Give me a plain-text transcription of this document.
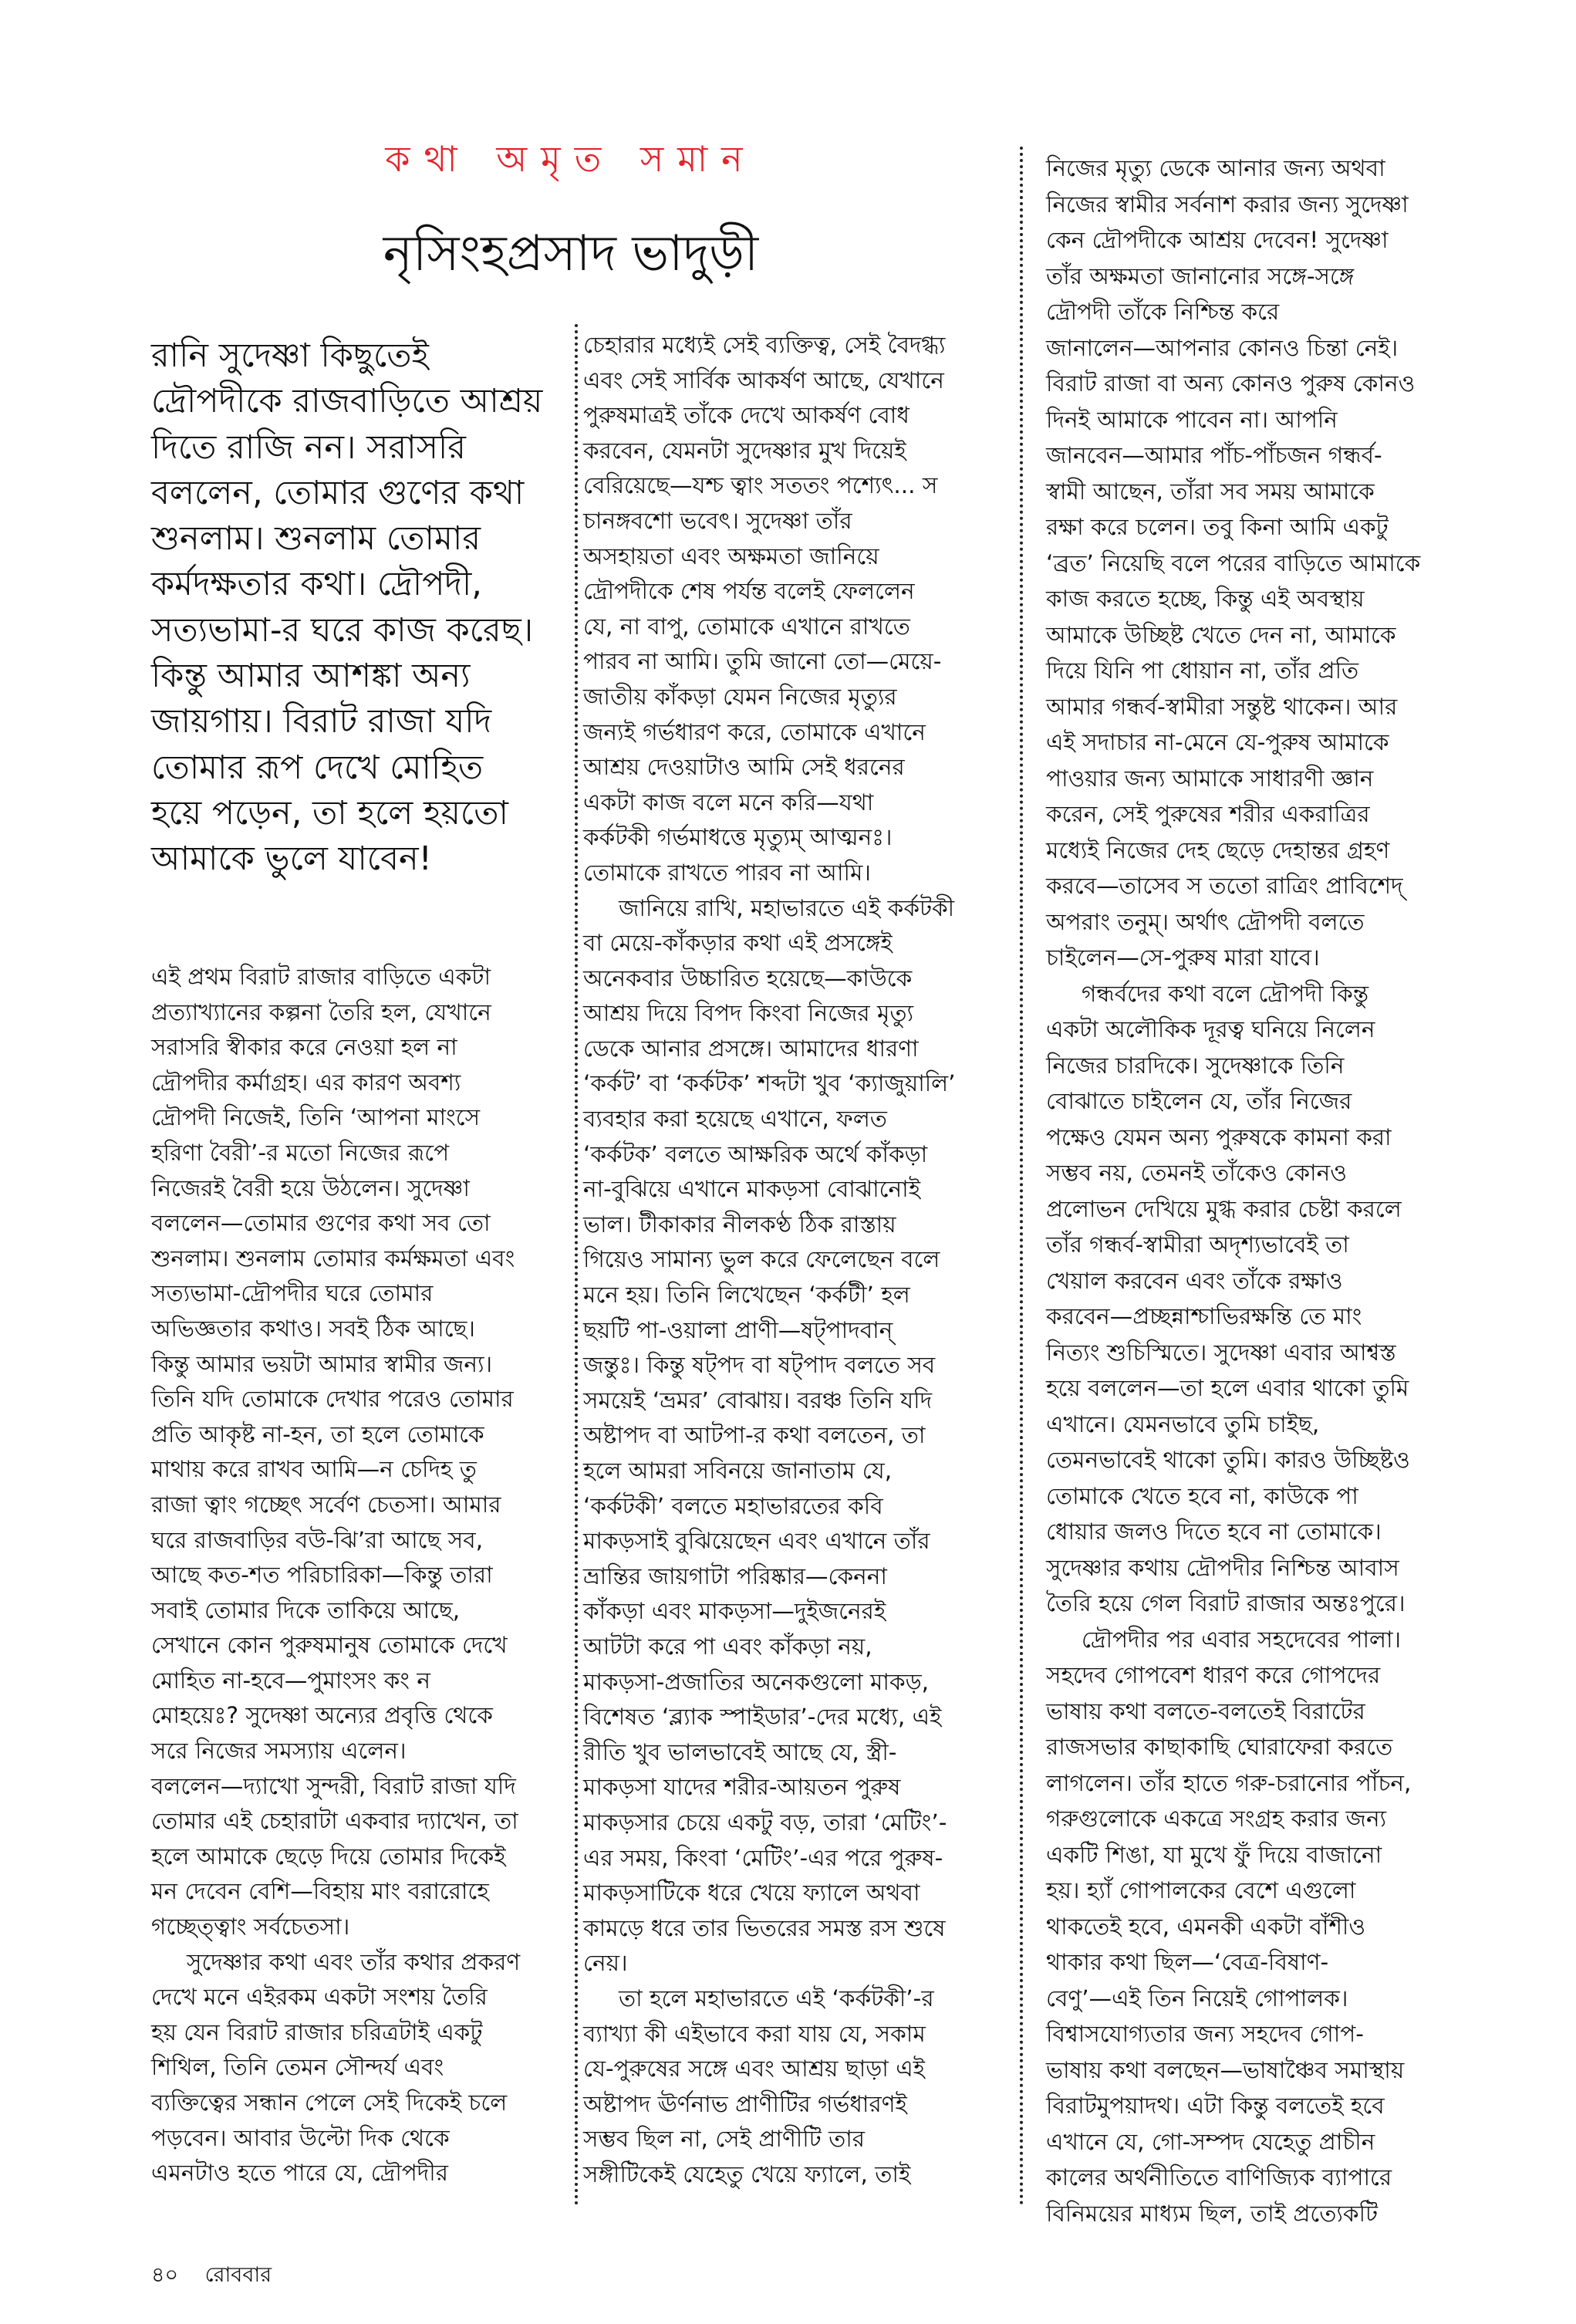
কথা অমৃত সমান
নৃসিংহপ্রসাদ ভাদুড়ী
রানি সুদেষ্ণা কিছুতেই
দ্রৌপদীকে রাজবাড়িতে আশ্রয়
দিতে রাজি নন। সরাসরি
বললেন, তোমার গুণের কথা
শুনলাম। শুনলাম তোমার
কর্মদক্ষতার কথা। দ্রৌপদী,
সত্যভামা-র ঘরে কাজ করেছ।
কিন্তু আমার আশঙ্কা অন্য
জায়গায়। বিরাট রাজা যদি
তোমার রূপ দেখে মোহিত
হয়ে পড়েন, তা হলে হয়তো
আমাকে ভুলে যাবেন!
এই প্রথম বিরাট রাজার বাড়িতে একটা
প্রত্যাখ্যানের কল্পনা তৈরি হল, যেখানে
সরাসরি স্বীকার করে নেওয়া হল না
দ্রৌপদীর কর্মাগ্রহ। এর কারণ অবশ্য
দ্রৌপদী নিজেই, তিনি ‘আপনা মাংসে
হরিণা বৈরী’-র মতো নিজের রূপে
নিজেরই বৈরী হয়ে উঠলেন। সুদেষ্ণা
বললেন—তোমার গুণের কথা সব তো
শুনলাম। শুনলাম তোমার কর্মক্ষমতা এবং
সত্যভামা-দ্রৌপদীর ঘরে তোমার
অভিজ্ঞতার কথাও। সবই ঠিক আছে।
কিন্তু আমার ভয়টা আমার স্বামীর জন্য।
তিনি যদি তোমাকে দেখার পরেও তোমার
প্রতি আকৃষ্ট না-হন, তা হলে তোমাকে
মাথায় করে রাখব আমি—ন চেদিহ তু
রাজা ত্বাং গচ্ছেৎ সর্বেণ চেতসা। আমার
ঘরে রাজবাড়ির বউ-ঝি’রা আছে সব,
আছে কত-শত পরিচারিকা—কিন্তু তারা
সবাই তোমার দিকে তাকিয়ে আছে,
সেখানে কোন পুরুষমানুষ তোমাকে দেখে
মোহিত না-হবে—পুমাংসং কং ন
মোহয়েঃ? সুদেষ্ণা অন্যের প্রবৃত্তি থেকে
সরে নিজের সমস্যায় এলেন।
বললেন—দ্যাখো সুন্দরী, বিরাট রাজা যদি
তোমার এই চেহারাটা একবার দ্যাখেন, তা
হলে আমাকে ছেড়ে দিয়ে তোমার দিকেই
মন দেবেন বেশি—বিহায় মাং বরারোহে
গচ্ছেত্ত্বাং সর্বচেতসা।
সুদেষ্ণার কথা এবং তাঁর কথার প্রকরণ
দেখে মনে এইরকম একটা সংশয় তৈরি
হয় যেন বিরাট রাজার চরিত্রটাই একটু
শিথিল, তিনি তেমন সৌন্দর্য এবং
ব্যক্তিত্বের সন্ধান পেলে সেই দিকেই চলে
পড়বেন। আবার উল্টো দিক থেকে
এমনটাও হতে পারে যে, দ্রৌপদীর
চেহারার মধ্যেই সেই ব্যক্তিত্ব, সেই বৈদগ্ধ্য
এবং সেই সার্বিক আকর্ষণ আছে, যেখানে
পুরুষমাত্রই তাঁকে দেখে আকর্ষণ বোধ
করবেন, যেমনটা সুদেষ্ণার মুখ দিয়েই
বেরিয়েছে—যশ্চ ত্বাং সততং পশ্যেৎ... স
চানঙ্গবশো ভবেৎ। সুদেষ্ণা তাঁর
অসহায়তা এবং অক্ষমতা জানিয়ে
দ্রৌপদীকে শেষ পর্যন্ত বলেই ফেললেন
যে, না বাপু, তোমাকে এখানে রাখতে
পারব না আমি। তুমি জানো তো—মেয়ে-
জাতীয় কাঁকড়া যেমন নিজের মৃত্যুর
জন্যই গর্ভধারণ করে, তোমাকে এখানে
আশ্রয় দেওয়াটাও আমি সেই ধরনের
একটা কাজ বলে মনে করি—যথা
কর্কটকী গর্ভমাধত্তে মৃত্যুম্ আত্মনঃ।
তোমাকে রাখতে পারব না আমি।
জানিয়ে রাখি, মহাভারতে এই কর্কটকী
বা মেয়ে-কাঁকড়ার কথা এই প্রসঙ্গেই
অনেকবার উচ্চারিত হয়েছে—কাউকে
আশ্রয় দিয়ে বিপদ কিংবা নিজের মৃত্যু
ডেকে আনার প্রসঙ্গে। আমাদের ধারণা
‘কর্কট’ বা ‘কর্কটক’ শব্দটা খুব ‘ক্যাজুয়ালি’
ব্যবহার করা হয়েছে এখানে, ফলত
‘কর্কটক’ বলতে আক্ষরিক অর্থে কাঁকড়া
না-বুঝিয়ে এখানে মাকড়সা বোঝানোই
ভাল। টীকাকার নীলকণ্ঠ ঠিক রাস্তায়
গিয়েও সামান্য ভুল করে ফেলেছেন বলে
মনে হয়। তিনি লিখেছেন ‘কর্কটী’ হল
ছয়টি পা-ওয়ালা প্রাণী—ষট্পাদবান্
জন্তুঃ। কিন্তু ষট্পদ বা ষট্পাদ বলতে সব
সময়েই ‘ভ্রমর’ বোঝায়। বরঞ্চ তিনি যদি
অষ্টাপদ বা আটপা-র কথা বলতেন, তা
হলে আমরা সবিনয়ে জানাতাম যে,
‘কর্কটকী’ বলতে মহাভারতের কবি
মাকড়সাই বুঝিয়েছেন এবং এখানে তাঁর
ভ্রান্তির জায়গাটা পরিষ্কার—কেননা
কাঁকড়া এবং মাকড়সা—দুইজনেরই
আটটা করে পা এবং কাঁকড়া নয়,
মাকড়সা-প্রজাতির অনেকগুলো মাকড়,
বিশেষত ‘ব্ল্যাক স্পাইডার’-দের মধ্যে, এই
রীতি খুব ভালভাবেই আছে যে, স্ত্রী-
মাকড়সা যাদের শরীর-আয়তন পুরুষ
মাকড়সার চেয়ে একটু বড়, তারা ‘মেটিং’-
এর সময়, কিংবা ‘মেটিং’-এর পরে পুরুষ-
মাকড়সাটিকে ধরে খেয়ে ফ্যালে অথবা
কামড়ে ধরে তার ভিতরের সমস্ত রস শুষে
নেয়।
তা হলে মহাভারতে এই ‘কর্কটকী’-র
ব্যাখ্যা কী এইভাবে করা যায় যে, সকাম
যে-পুরুষের সঙ্গে এবং আশ্রয় ছাড়া এই
অষ্টাপদ ঊর্ণনাভ প্রাণীটির গর্ভধারণই
সম্ভব ছিল না, সেই প্রাণীটি তার
সঙ্গীটিকেই যেহেতু খেয়ে ফ্যালে, তাই
নিজের মৃত্যু ডেকে আনার জন্য অথবা
নিজের স্বামীর সর্বনাশ করার জন্য সুদেষ্ণা
কেন দ্রৌপদীকে আশ্রয় দেবেন! সুদেষ্ণা
তাঁর অক্ষমতা জানানোর সঙ্গে-সঙ্গে
দ্রৌপদী তাঁকে নিশ্চিন্ত করে
জানালেন—আপনার কোনও চিন্তা নেই।
বিরাট রাজা বা অন্য কোনও পুরুষ কোনও
দিনই আমাকে পাবেন না। আপনি
জানবেন—আমার পাঁচ-পাঁচজন গন্ধর্ব-
স্বামী আছেন, তাঁরা সব সময় আমাকে
রক্ষা করে চলেন। তবু কিনা আমি একটু
‘ব্রত’ নিয়েছি বলে পরের বাড়িতে আমাকে
কাজ করতে হচ্ছে, কিন্তু এই অবস্থায়
আমাকে উচ্ছিষ্ট খেতে দেন না, আমাকে
দিয়ে যিনি পা ধোয়ান না, তাঁর প্রতি
আমার গন্ধর্ব-স্বামীরা সন্তুষ্ট থাকেন। আর
এই সদাচার না-মেনে যে-পুরুষ আমাকে
পাওয়ার জন্য আমাকে সাধারণী জ্ঞান
করেন, সেই পুরুষের শরীর একরাত্রির
মধ্যেই নিজের দেহ ছেড়ে দেহান্তর গ্রহণ
করবে—তাসেব স ততো রাত্রিং প্রাবিশেদ্
অপরাং তনুম্। অর্থাৎ দ্রৌপদী বলতে
চাইলেন—সে-পুরুষ মারা যাবে।
গন্ধর্বদের কথা বলে দ্রৌপদী কিন্তু
একটা অলৌকিক দূরত্ব ঘনিয়ে নিলেন
নিজের চারদিকে। সুদেষ্ণাকে তিনি
বোঝাতে চাইলেন যে, তাঁর নিজের
পক্ষেও যেমন অন্য পুরুষকে কামনা করা
সম্ভব নয়, তেমনই তাঁকেও কোনও
প্রলোভন দেখিয়ে মুগ্ধ করার চেষ্টা করলে
তাঁর গন্ধর্ব-স্বামীরা অদৃশ্যভাবেই তা
খেয়াল করবেন এবং তাঁকে রক্ষাও
করবেন—প্রচ্ছন্নাশ্চাভিরক্ষন্তি তে মাং
নিত্যং শুচিস্মিতে। সুদেষ্ণা এবার আশ্বস্ত
হয়ে বললেন—তা হলে এবার থাকো তুমি
এখানে। যেমনভাবে তুমি চাইছ,
তেমনভাবেই থাকো তুমি। কারও উচ্ছিষ্টও
তোমাকে খেতে হবে না, কাউকে পা
ধোয়ার জলও দিতে হবে না তোমাকে।
সুদেষ্ণার কথায় দ্রৌপদীর নিশ্চিন্ত আবাস
তৈরি হয়ে গেল বিরাট রাজার অন্তঃপুরে।
দ্রৌপদীর পর এবার সহদেবের পালা।
সহদেব গোপবেশ ধারণ করে গোপদের
ভাষায় কথা বলতে-বলতেই বিরাটের
রাজসভার কাছাকাছি ঘোরাফেরা করতে
লাগলেন। তাঁর হাতে গরু-চরানোর পাঁচন,
গরুগুলোকে একত্রে সংগ্রহ করার জন্য
একটি শিঙা, যা মুখে ফুঁ দিয়ে বাজানো
হয়। হ্যাঁ গোপালকের বেশে এগুলো
থাকতেই হবে, এমনকী একটা বাঁশীও
থাকার কথা ছিল—‘বেত্র-বিষাণ-
বেণু’—এই তিন নিয়েই গোপালক।
বিশ্বাসযোগ্যতার জন্য সহদেব গোপ-
ভাষায় কথা বলছেন—ভাষাঞ্চৈব সমাস্থায়
বিরাটমুপয়াদথ। এটা কিন্তু বলতেই হবে
এখানে যে, গো-সম্পদ যেহেতু প্রাচীন
কালের অর্থনীতিতে বাণিজ্যিক ব্যাপারে
বিনিময়ের মাধ্যম ছিল, তাই প্রত্যেকটি
৪০ রোববার
